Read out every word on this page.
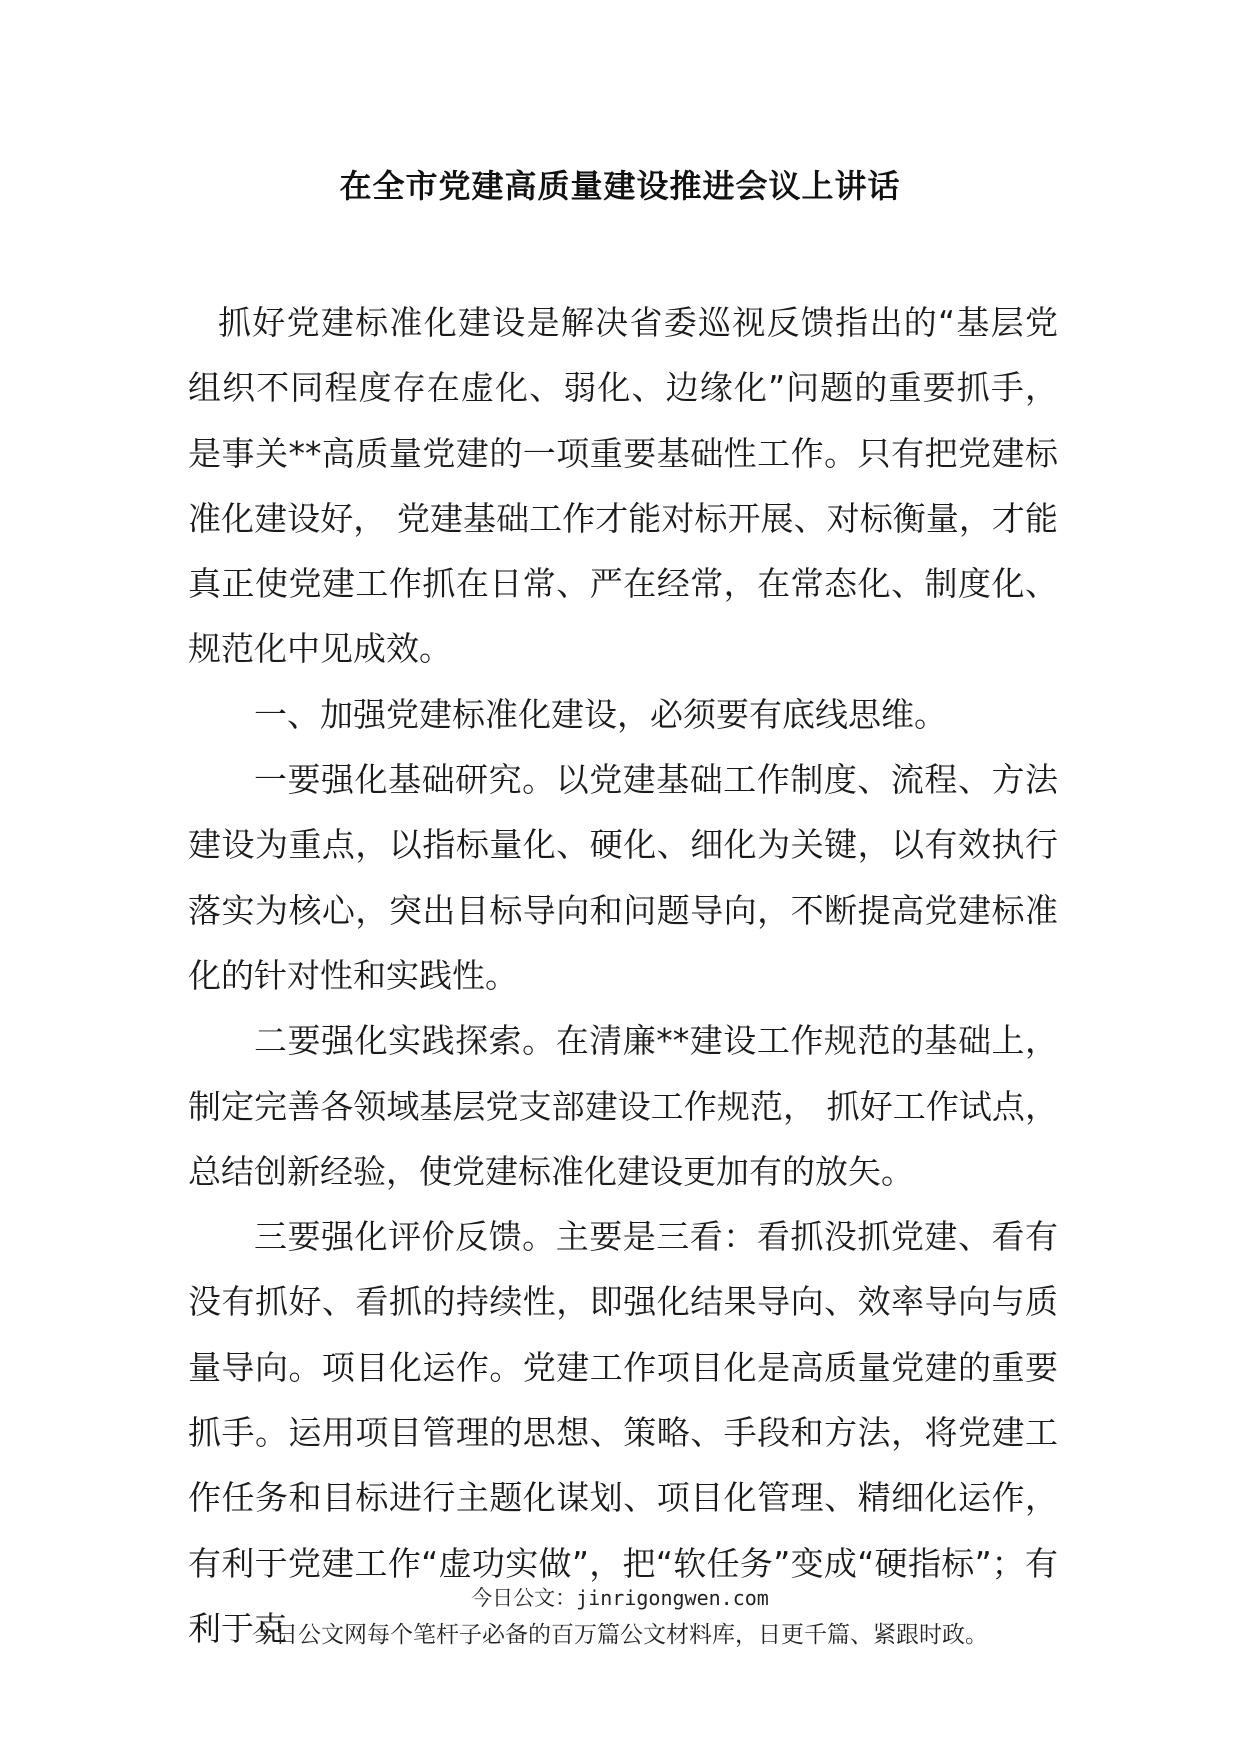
在全市党建高质量建设推进会议上讲话

抓好党建标准化建设是解决省委巡视反馈指出的“基层党组织不同程度存在虚化、弱化、边缘化”问题的重要抓手，是事关**高质量党建的一项重要基础性工作。只有把党建标准化建设好， 党建基础工作才能对标开展、对标衡量，才能真正使党建工作抓在日常、严在经常，在常态化、制度化、规范化中见成效。

一、加强党建标准化建设，必须要有底线思维。

一要强化基础研究。以党建基础工作制度、流程、方法建设为重点，以指标量化、硬化、细化为关键，以有效执行落实为核心，突出目标导向和问题导向，不断提高党建标准化的针对性和实践性。

二要强化实践探索。在清廉**建设工作规范的基础上，制定完善各领域基层党支部建设工作规范， 抓好工作试点，总结创新经验，使党建标准化建设更加有的放矢。

三要强化评价反馈。主要是三看：看抓没抓党建、看有没有抓好、看抓的持续性，即强化结果导向、效率导向与质量导向。项目化运作。党建工作项目化是高质量党建的重要抓手。运用项目管理的思想、策略、手段和方法，将党建工作任务和目标进行主题化谋划、项目化管理、精细化运作，有利于党建工作“虚功实做”，把“软任务”变成“硬指标”；有利于克

今日公文：jinrigongwen.com
今日公文网每个笔杆子必备的百万篇公文材料库，日更千篇、紧跟时政。
